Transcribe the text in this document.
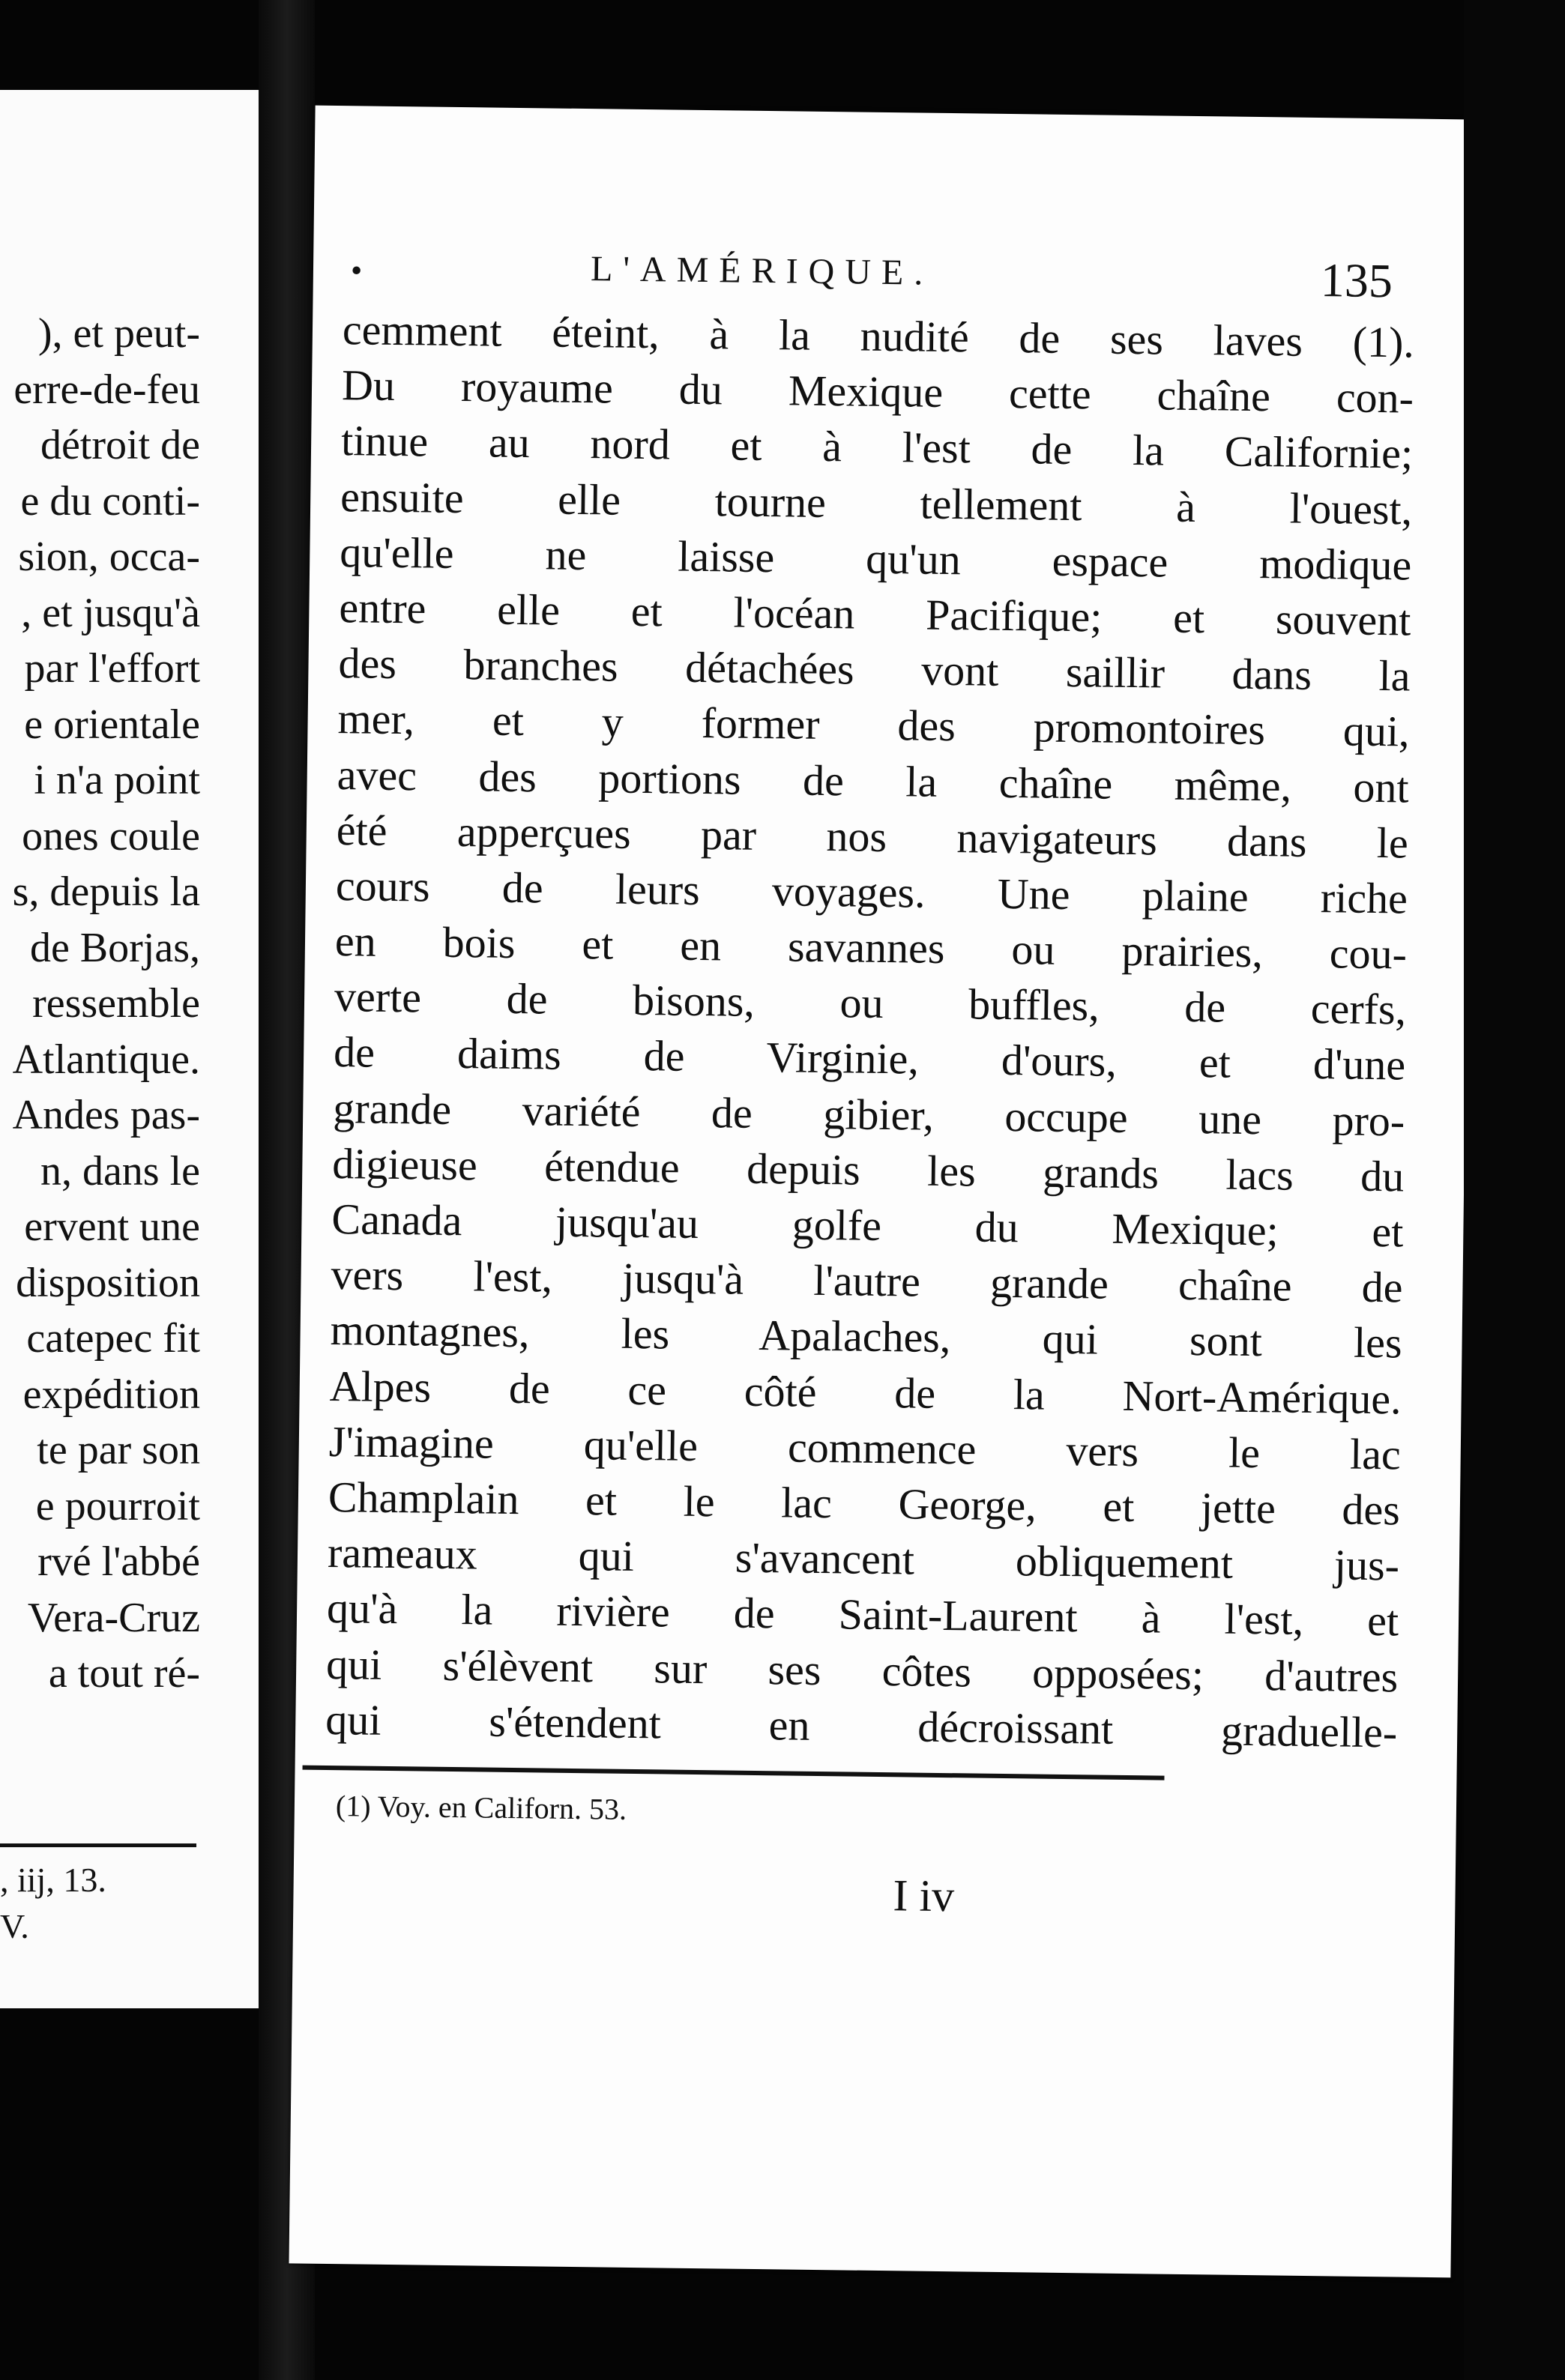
), et peut-
erre-de-feu
détroit de
e du conti-
sion, occa-
, et jusqu'à
par l'effort
e orientale
i n'a point
ones coule
s, depuis la
de Borjas,
ressemble
Atlantique.
Andes pas-
n, dans le
ervent une
disposition
catepec fit
expédition
te par son
e pourroit
rvé l'abbé
Vera-Cruz
a tout ré-
, iij, 13.
V.
•	L'AMÉRIQUE.	135
cemment éteint, à la nudité de ses laves (1).
Du royaume du Mexique cette chaîne con-
tinue au nord et à l'est de la Californie;
ensuite elle tourne tellement à l'ouest,
qu'elle ne laisse qu'un espace modique
entre elle et l'océan Pacifique; et souvent
des branches détachées vont saillir dans la
mer, et y former des promontoires qui,
avec des portions de la chaîne même, ont
été apperçues par nos navigateurs dans le
cours de leurs voyages. Une plaine riche
en bois et en savannes ou prairies, cou-
verte de bisons, ou buffles, de cerfs,
de daims de Virginie, d'ours, et d'une
grande variété de gibier, occupe une pro-
digieuse étendue depuis les grands lacs du
Canada jusqu'au golfe du Mexique; et
vers l'est, jusqu'à l'autre grande chaîne de
montagnes, les Apalaches, qui sont les
Alpes de ce côté de la Nort-Amérique.
J'imagine qu'elle commence vers le lac
Champlain et le lac George, et jette des
rameaux qui s'avancent obliquement jus-
qu'à la rivière de Saint-Laurent à l'est, et
qui s'élèvent sur ses côtes opposées; d'autres
qui s'étendent en décroissant graduelle-
(1) Voy. en Californ. 53.
I iv
